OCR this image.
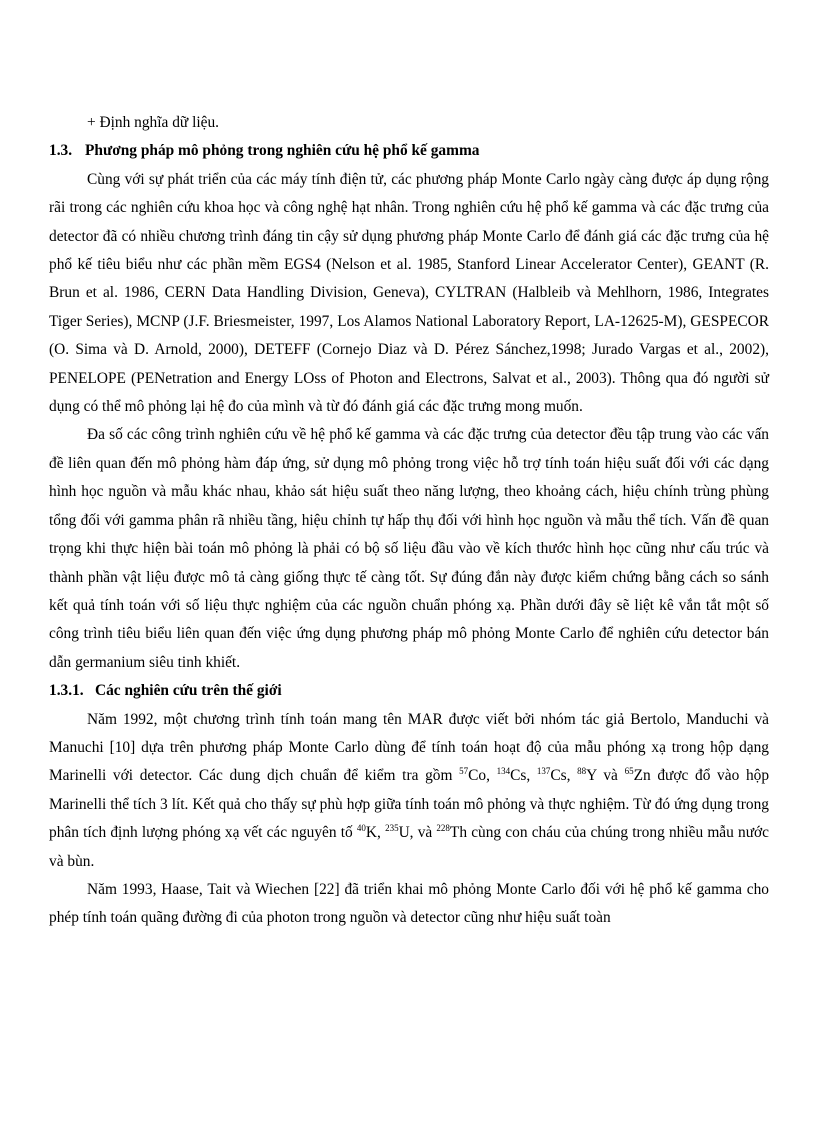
+ Định nghĩa dữ liệu.
1.3. Phương pháp mô phỏng trong nghiên cứu hệ phổ kế gamma

Cùng với sự phát triển của các máy tính điện tử, các phương pháp Monte Carlo ngày càng được áp dụng rộng rãi trong các nghiên cứu khoa học và công nghệ hạt nhân. Trong nghiên cứu hệ phổ kế gamma và các đặc trưng của detector đã có nhiều chương trình đáng tin cậy sử dụng phương pháp Monte Carlo để đánh giá các đặc trưng của hệ phổ kế tiêu biểu như các phần mềm EGS4 (Nelson et al. 1985, Stanford Linear Accelerator Center), GEANT (R. Brun et al. 1986, CERN Data Handling Division, Geneva), CYLTRAN (Halbleib và Mehlhorn, 1986, Integrates Tiger Series), MCNP (J.F. Briesmeister, 1997, Los Alamos National Laboratory Report, LA-12625-M), GESPECOR (O. Sima và D. Arnold, 2000), DETEFF (Cornejo Diaz và D. Pérez Sánchez,1998; Jurado Vargas et al., 2002), PENELOPE (PENetration and Energy LOss of Photon and Electrons, Salvat et al., 2003). Thông qua đó người sử dụng có thể mô phỏng lại hệ đo của mình và từ đó đánh giá các đặc trưng mong muốn.

Đa số các công trình nghiên cứu về hệ phổ kế gamma và các đặc trưng của detector đều tập trung vào các vấn đề liên quan đến mô phỏng hàm đáp ứng, sử dụng mô phỏng trong việc hỗ trợ tính toán hiệu suất đối với các dạng hình học nguồn và mẫu khác nhau, khảo sát hiệu suất theo năng lượng, theo khoảng cách, hiệu chính trùng phùng tổng đối với gamma phân rã nhiều tầng, hiệu chỉnh tự hấp thụ đối với hình học nguồn và mẫu thể tích. Vấn đề quan trọng khi thực hiện bài toán mô phỏng là phải có bộ số liệu đầu vào về kích thước hình học cũng như cấu trúc và thành phần vật liệu được mô tả càng giống thực tế càng tốt. Sự đúng đắn này được kiểm chứng bằng cách so sánh kết quả tính toán với số liệu thực nghiệm của các nguồn chuẩn phóng xạ. Phần dưới đây sẽ liệt kê vắn tắt một số công trình tiêu biểu liên quan đến việc ứng dụng phương pháp mô phỏng Monte Carlo để nghiên cứu detector bán dẫn germanium siêu tinh khiết.

1.3.1. Các nghiên cứu trên thế giới

Năm 1992, một chương trình tính toán mang tên MAR được viết bởi nhóm tác giả Bertolo, Manduchi và Manuchi [10] dựa trên phương pháp Monte Carlo dùng để tính toán hoạt độ của mẫu phóng xạ trong hộp dạng Marinelli với detector. Các dung dịch chuẩn để kiểm tra gồm $^{57}$Co, $^{134}$Cs, $^{137}$Cs, $^{88}$Y và $^{65}$Zn được đổ vào hộp Marinelli thể tích 3 lít. Kết quả cho thấy sự phù hợp giữa tính toán mô phỏng và thực nghiệm. Từ đó ứng dụng trong phân tích định lượng phóng xạ vết các nguyên tố $^{40}$K, $^{235}$U, và $^{228}$Th cùng con cháu của chúng trong nhiều mẫu nước và bùn.

Năm 1993, Haase, Tait và Wiechen [22] đã triển khai mô phỏng Monte Carlo đối với hệ phổ kế gamma cho phép tính toán quãng đường đi của photon trong nguồn và detector cũng như hiệu suất toàn
